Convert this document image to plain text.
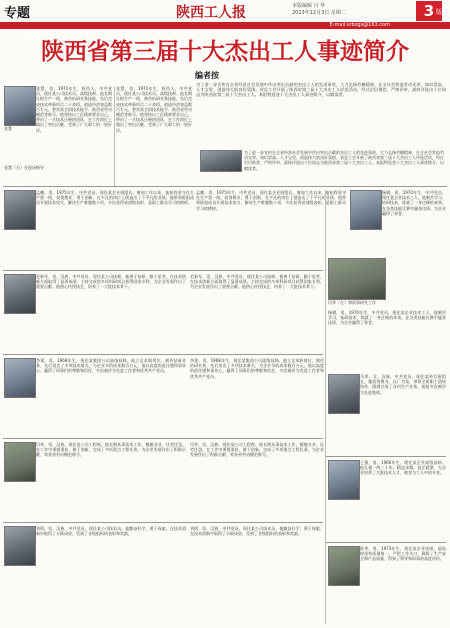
专题	陕西工人报	本版编辑 闫 华
2013年12月3日 星期二	3 版
电话：029-87361647
E-mail:srbzgs@163.com
陕西省第三届十大杰出工人事迹简介
张慧，男，1971年生，陕西人，中共党员，现任某公司技术员、高级技师。他长期扎根生产一线，刻苦钻研业务技能，先后完成技术革新项目二十余项，创造经济效益数百万元。曾荣获全国技术能手、陕西省劳动模范等称号。他坚持以工匠精神要求自己，带出了一支技术过硬的团队，在工作岗位上做出了突出贡献，受到了广大职工的一致好评。
张慧
张慧，男，1971年生，陕西人，中共党员，现任某公司技术员、高级技师。他长期扎根生产一线，刻苦钻研业务技能，先后完成技术革新项目二十余项，创造经济效益数百万元。曾荣获全国技术能手、陕西省劳动模范等称号。他坚持以工匠精神要求自己，带出了一支技术过硬的团队，在工作岗位上做出了突出贡献，受到了广大职工的一致好评。
编者按
为了进一步宣传在全省经济社会发展中作出突出贡献的杰出工人的先进事迹，大力弘扬劳模精神，在全社会营造劳动光荣、知识崇高、人才宝贵、创造伟大的良好氛围，省总工会开展了陕西省第三届十大杰出工人评选活动，经过层层推荐、严格评审，最终评选出十位同志为陕西省第三届十大杰出工人。本报特选登十大杰出工人事迹简介，以飨读者。
为了进一步宣传在全省经济社会发展中作出突出贡献的杰出工人的先进事迹，大力弘扬劳模精神，在全社会营造劳动光荣、知识崇高、人才宝贵、创造伟大的良好氛围，省总工会开展了陕西省第三届十大杰出工人评选活动，经过层层推荐、严格评审，最终评选出十位同志为陕西省第三届十大杰出工人。本报特选登十大杰出工人事迹简介，以飨读者。
孟鹏，男，1975年生，中共党员，现任某企业班组长。参加工作以来，他始终坚守在生产第一线，爱岗敬业，勇于创新，在平凡的岗位上创造出了不平凡的业绩。他带领班组成员开展技术攻关，解决生产难题数十项，多次获得省部级表彰，是职工群众学习的榜样。
孟鹏，男，1975年生，中共党员，现任某企业班组长。参加工作以来，他始终坚守在生产第一线，爱岗敬业，勇于创新，在平凡的岗位上创造出了不平凡的业绩。他带领班组成员开展技术攻关，解决生产难题数十项，多次获得省部级表彰，是职工群众学习的榜样。
杨钢，男，1970年生，中共党员，现任某企业技术工人。他刻苦学习，钻研技术，练就了一身过硬的本领。在各类技能比赛中屡获佳绩，为企业赢得了荣誉。
闫华（左）和同事研究工作
毛新军，男，汉族，中共党员，现任某公司技师。他善于钻研，勤于思考，在技术创新方面取得了显著成绩，主持完成的多项科研项目获得国家专利，为企业发展作出了重要贡献。他热心传授技艺，培养了一大批技术骨干。
毛新军，男，汉族，中共党员，现任某公司技师。他善于钻研，勤于思考，在技术创新方面取得了显著成绩，主持完成的多项科研项目获得国家专利，为企业发展作出了重要贡献。他热心传授技艺，培养了一大批技术骨干。
杨钢，男，1970年生，中共党员，现任某企业技术工人。他刻苦学习，钻研技术，练就了一身过硬的本领。在各类技能比赛中屡获佳绩，为企业赢得了荣誉。
李建，男，1968年生，现任某集团公司高级技师。他立足本职岗位，刻苦钻研业务，先后攻克了多项技术难关，为企业节约成本数百万元。他以高度的责任感和事业心，赢得了同事们的尊敬和信任，多次被评为先进工作者和优秀共产党员。
李建，男，1968年生，现任某集团公司高级技师。他立足本职岗位，刻苦钻研业务，先后攻克了多项技术难关，为企业节约成本数百万元。他以高度的责任感和事业心，赢得了同事们的尊敬和信任，多次被评为先进工作者和优秀共产党员。	马荣，女，汉族，中共党员，现任某单位班组长。她爱岗敬业，以厂为家，带领全班职工团结协作，圆满完成了各项生产任务，班组多次被评为先进集体。
闫华，男，汉族，现任某公司工程师。他长期从事技术工作，兢兢业业，任劳任怨。在工作中勇挑重担，敢于创新，完成了多项重点工程任务，为企业发展作出了积极贡献，荣获省劳动模范称号。
闫华，男，汉族，现任某公司工程师。他长期从事技术工作，兢兢业业，任劳任怨。在工作中勇挑重担，敢于创新，完成了多项重点工程任务，为企业发展作出了积极贡献，荣获省劳动模范称号。
王强，男，1966年生，现任某企业高级技师。他扎根一线三十年，精益求精，技艺精湛，为企业培养了大批技术人才，被誉为工人中的专家。
刘明，男，汉族，中共党员，现任某公司技术员。他勤奋好学，勇于探索，在技术创新中取得了丰硕成果，受到了各级组织的表彰和奖励。
刘明，男，汉族，中共党员，现任某公司技术员。他勤奋好学，勇于探索，在技术创新中取得了丰硕成果，受到了各级组织的表彰和奖励。
陈华，男，1973年生，现任某企业技师。他始终坚持质量第一，严把工作关口，确保了生产安全和产品质量，得到了领导和同事的高度评价。
张慧（右）在现场指导
